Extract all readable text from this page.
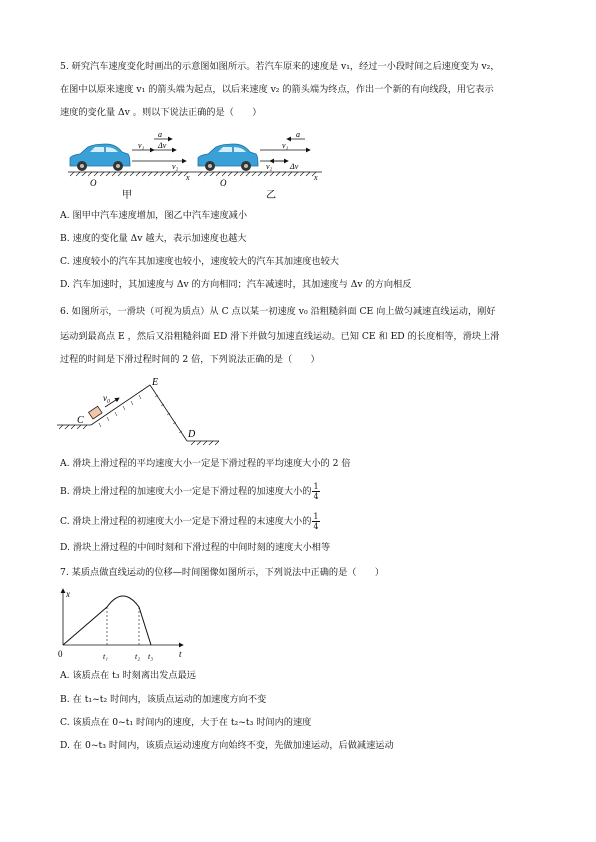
5. 研究汽车速度变化时画出的示意图如图所示。若汽车原来的速度是 v₁，经过一小段时间之后速度变为 v₂，
在图中以原来速度 v₁ 的箭头端为起点，以后来速度 v₂ 的箭头端为终点，作出一个新的有向线段，用它表示
速度的变化量 Δv 。则以下说法正确的是（　　）
v₁
a
Δv
v₂
O
x
甲
v₁
a
Δv
v₂
O
x
乙
A. 图甲中汽车速度增加，图乙中汽车速度减小
B. 速度的变化量 Δv 越大，表示加速度也越大
C. 速度较小的汽车其加速度也较小，速度较大的汽车其加速度也较大
D. 汽车加速时，其加速度与 Δv 的方向相同；汽车减速时，其加速度与 Δv 的方向相反
6. 如图所示，一滑块（可视为质点）从 C 点以某一初速度 v₀ 沿粗糙斜面 CE 向上做匀减速直线运动，刚好
运动到最高点 E ，然后又沿粗糙斜面 ED 滑下并做匀加速直线运动。已知 CE 和 ED 的长度相等，滑块上滑
过程的时间是下滑过程时间的 2 倍，下列说法正确的是（　　）
v₀
C
E
D
A. 滑块上滑过程的平均速度大小一定是下滑过程的平均速度大小的 2 倍
B. 滑块上滑过程的加速度大小一定是下滑过程的加速度大小的 $\frac{1}{4}$
C. 滑块上滑过程的初速度大小一定是下滑过程的末速度大小的 $\frac{1}{4}$
D. 滑块上滑过程的中间时刻和下滑过程的中间时刻的速度大小相等
7. 某质点做直线运动的位移—时间图像如图所示，下列说法中正确的是（　　）
x
t
0	t₁	t₂ t₃
A. 该质点在 t₃ 时刻离出发点最远
B. 在 t₁~t₂ 时间内，该质点运动的加速度方向不变
C. 该质点在 0~t₁ 时间内的速度，大于在 t₂~t₃ 时间内的速度
D. 在 0~t₃ 时间内，该质点运动速度方向始终不变，先做加速运动，后做减速运动
